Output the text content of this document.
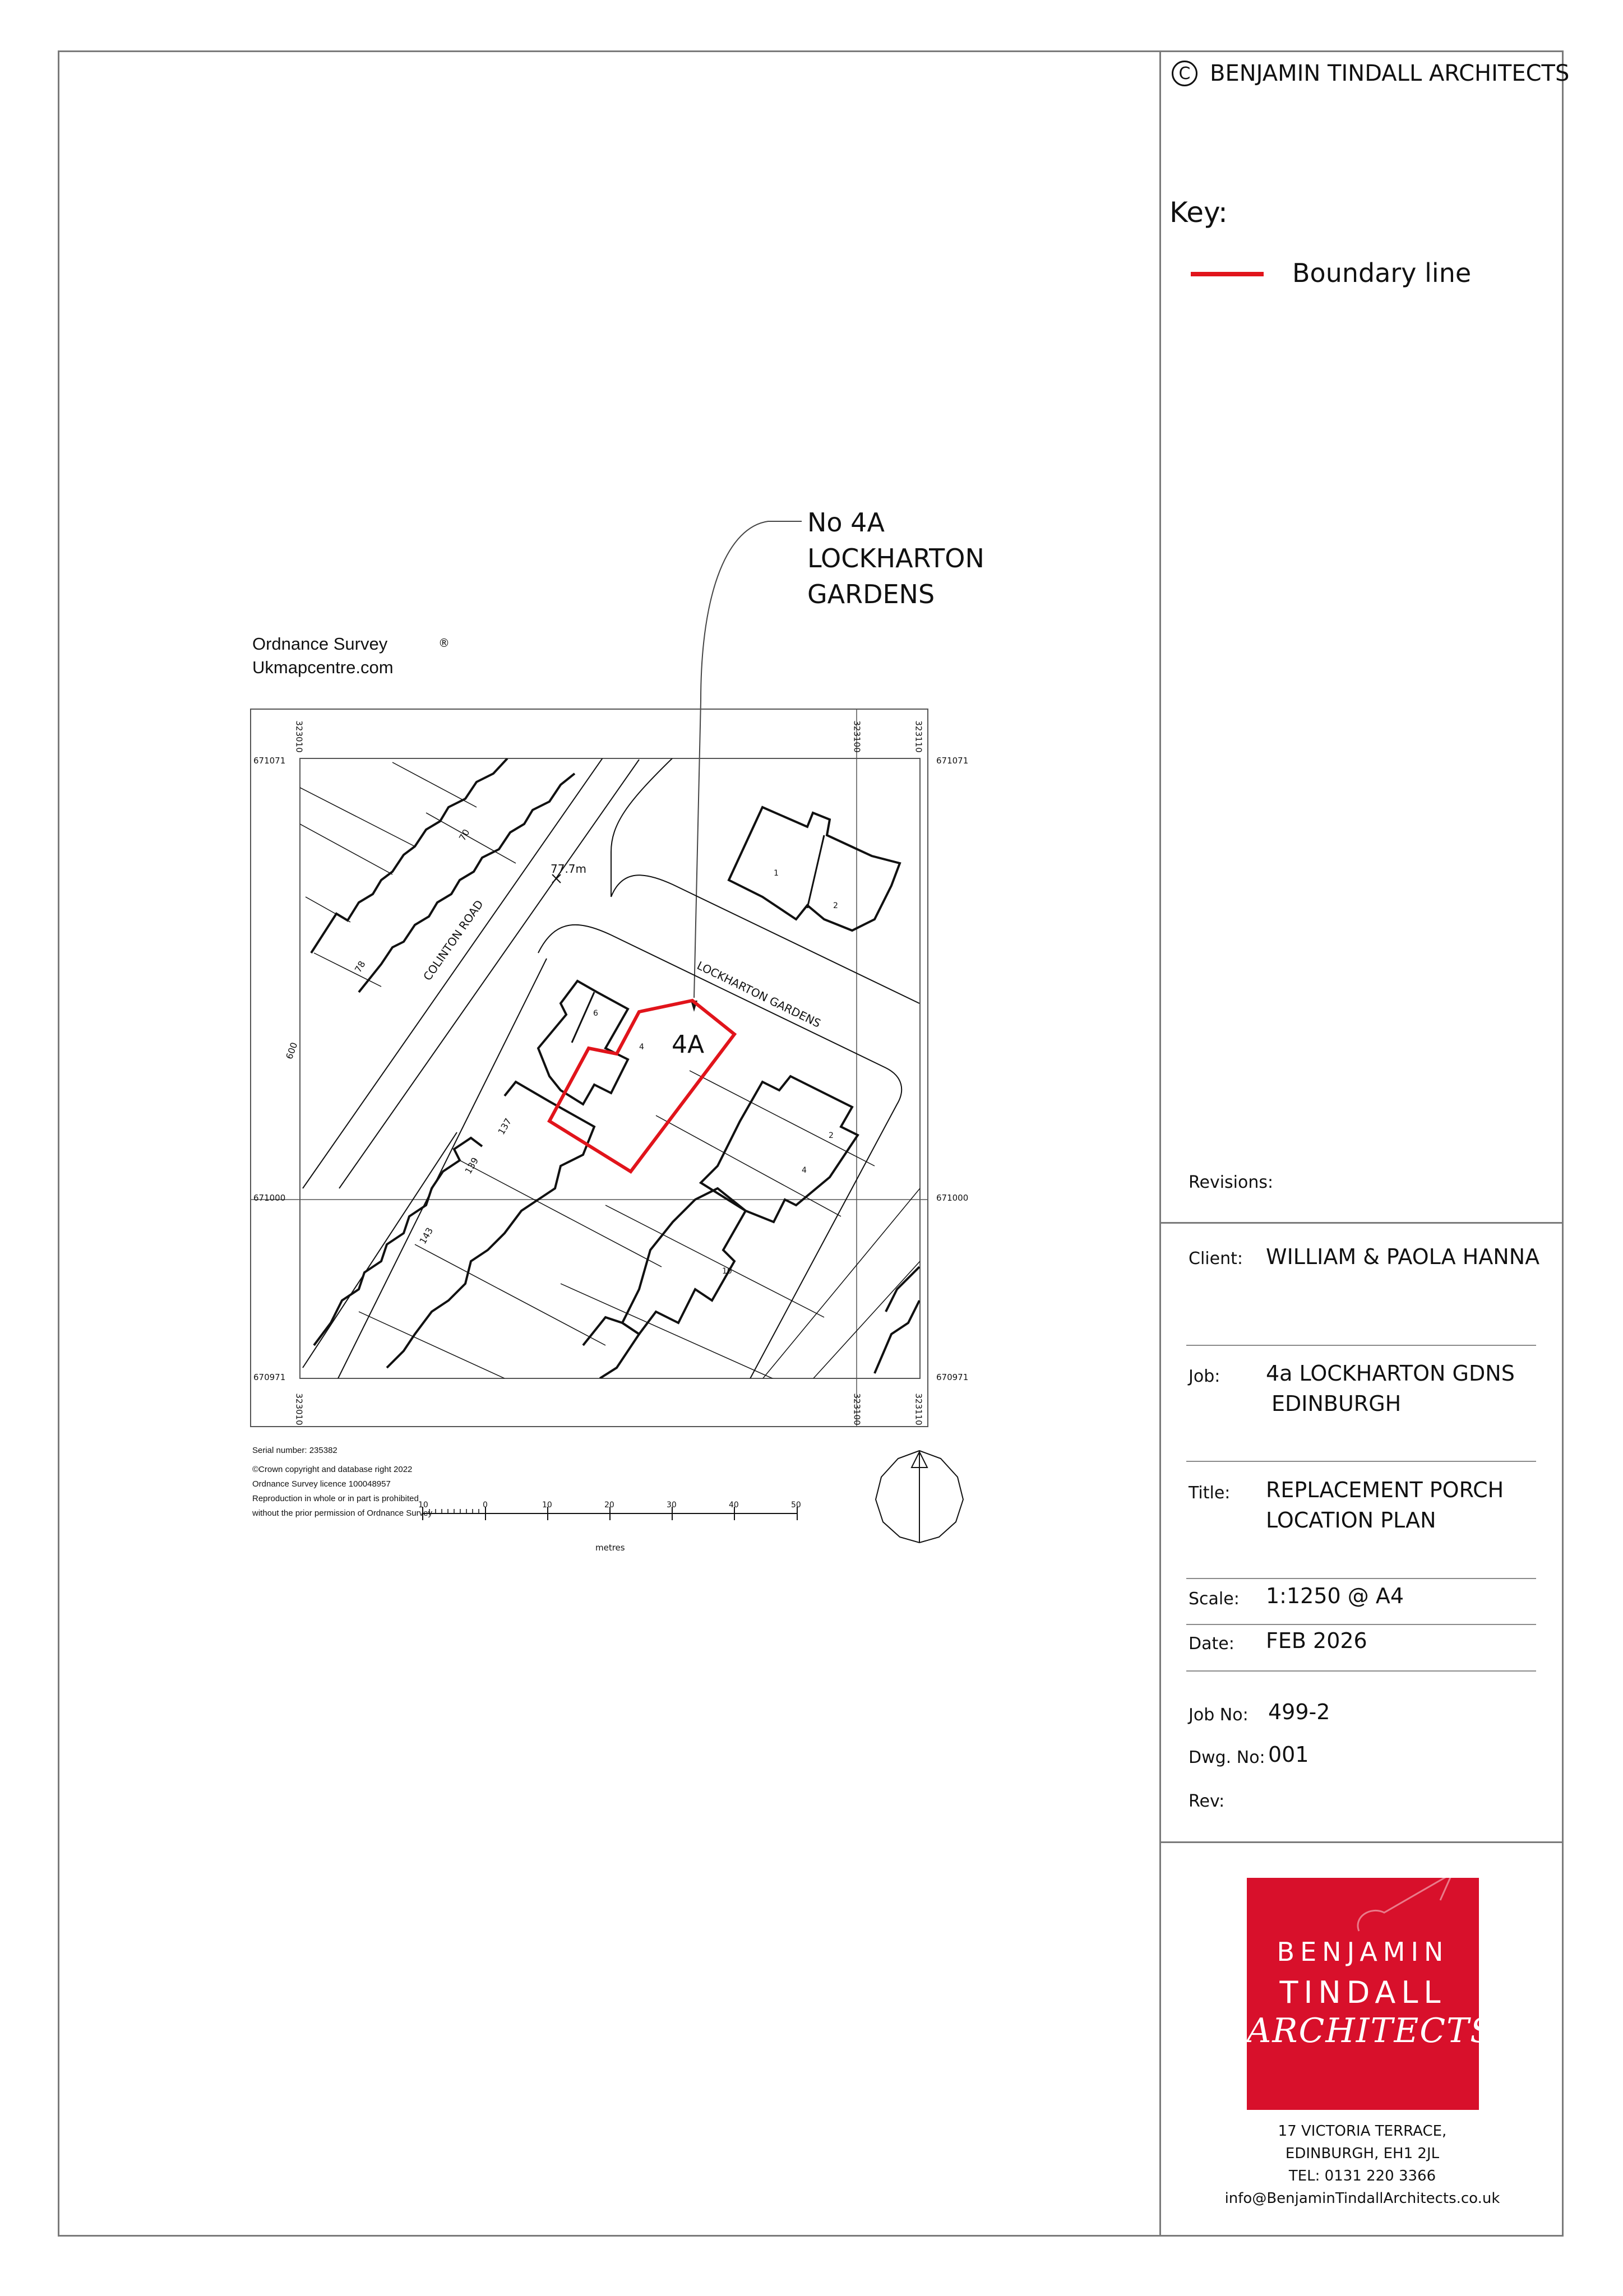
C BENJAMIN TINDALL ARCHITECTS
Key:
Boundary line
Revisions:
Client: WILLIAM & PAOLA HANNA
Job: 4a LOCKHARTON GDNS
EDINBURGH
Title: REPLACEMENT PORCH
LOCATION PLAN
Scale: 1:1250 @ A4
Date: FEB 2026
Job No: 499-2
Dwg. No: 001
Rev:
BENJAMIN
TINDALL
ARCHITECTS
17 VICTORIA TERRACE,
EDINBURGH, EH1 2JL
TEL: 0131 220 3366
info@BenjaminTindallArchitects.co.uk
Ordnance Survey
Ukmapcentre.com
®
No 4A
LOCKHARTON
GARDENS
4A
77.7m
COLINTON ROAD
LOCKHARTON GARDENS
70
78
1
2
4
6
2
4
10
137
139
143
600
671071
671000
670971
671071
671000
670971
323010	323100	323110
323010	323100	323110
Serial number: 235382
©Crown copyright and database right 2022
Ordnance Survey licence 100048957
Reproduction in whole or in part is prohibited
without the prior permission of Ordnance Survey
10	0	10	20	30	40	50
metres
